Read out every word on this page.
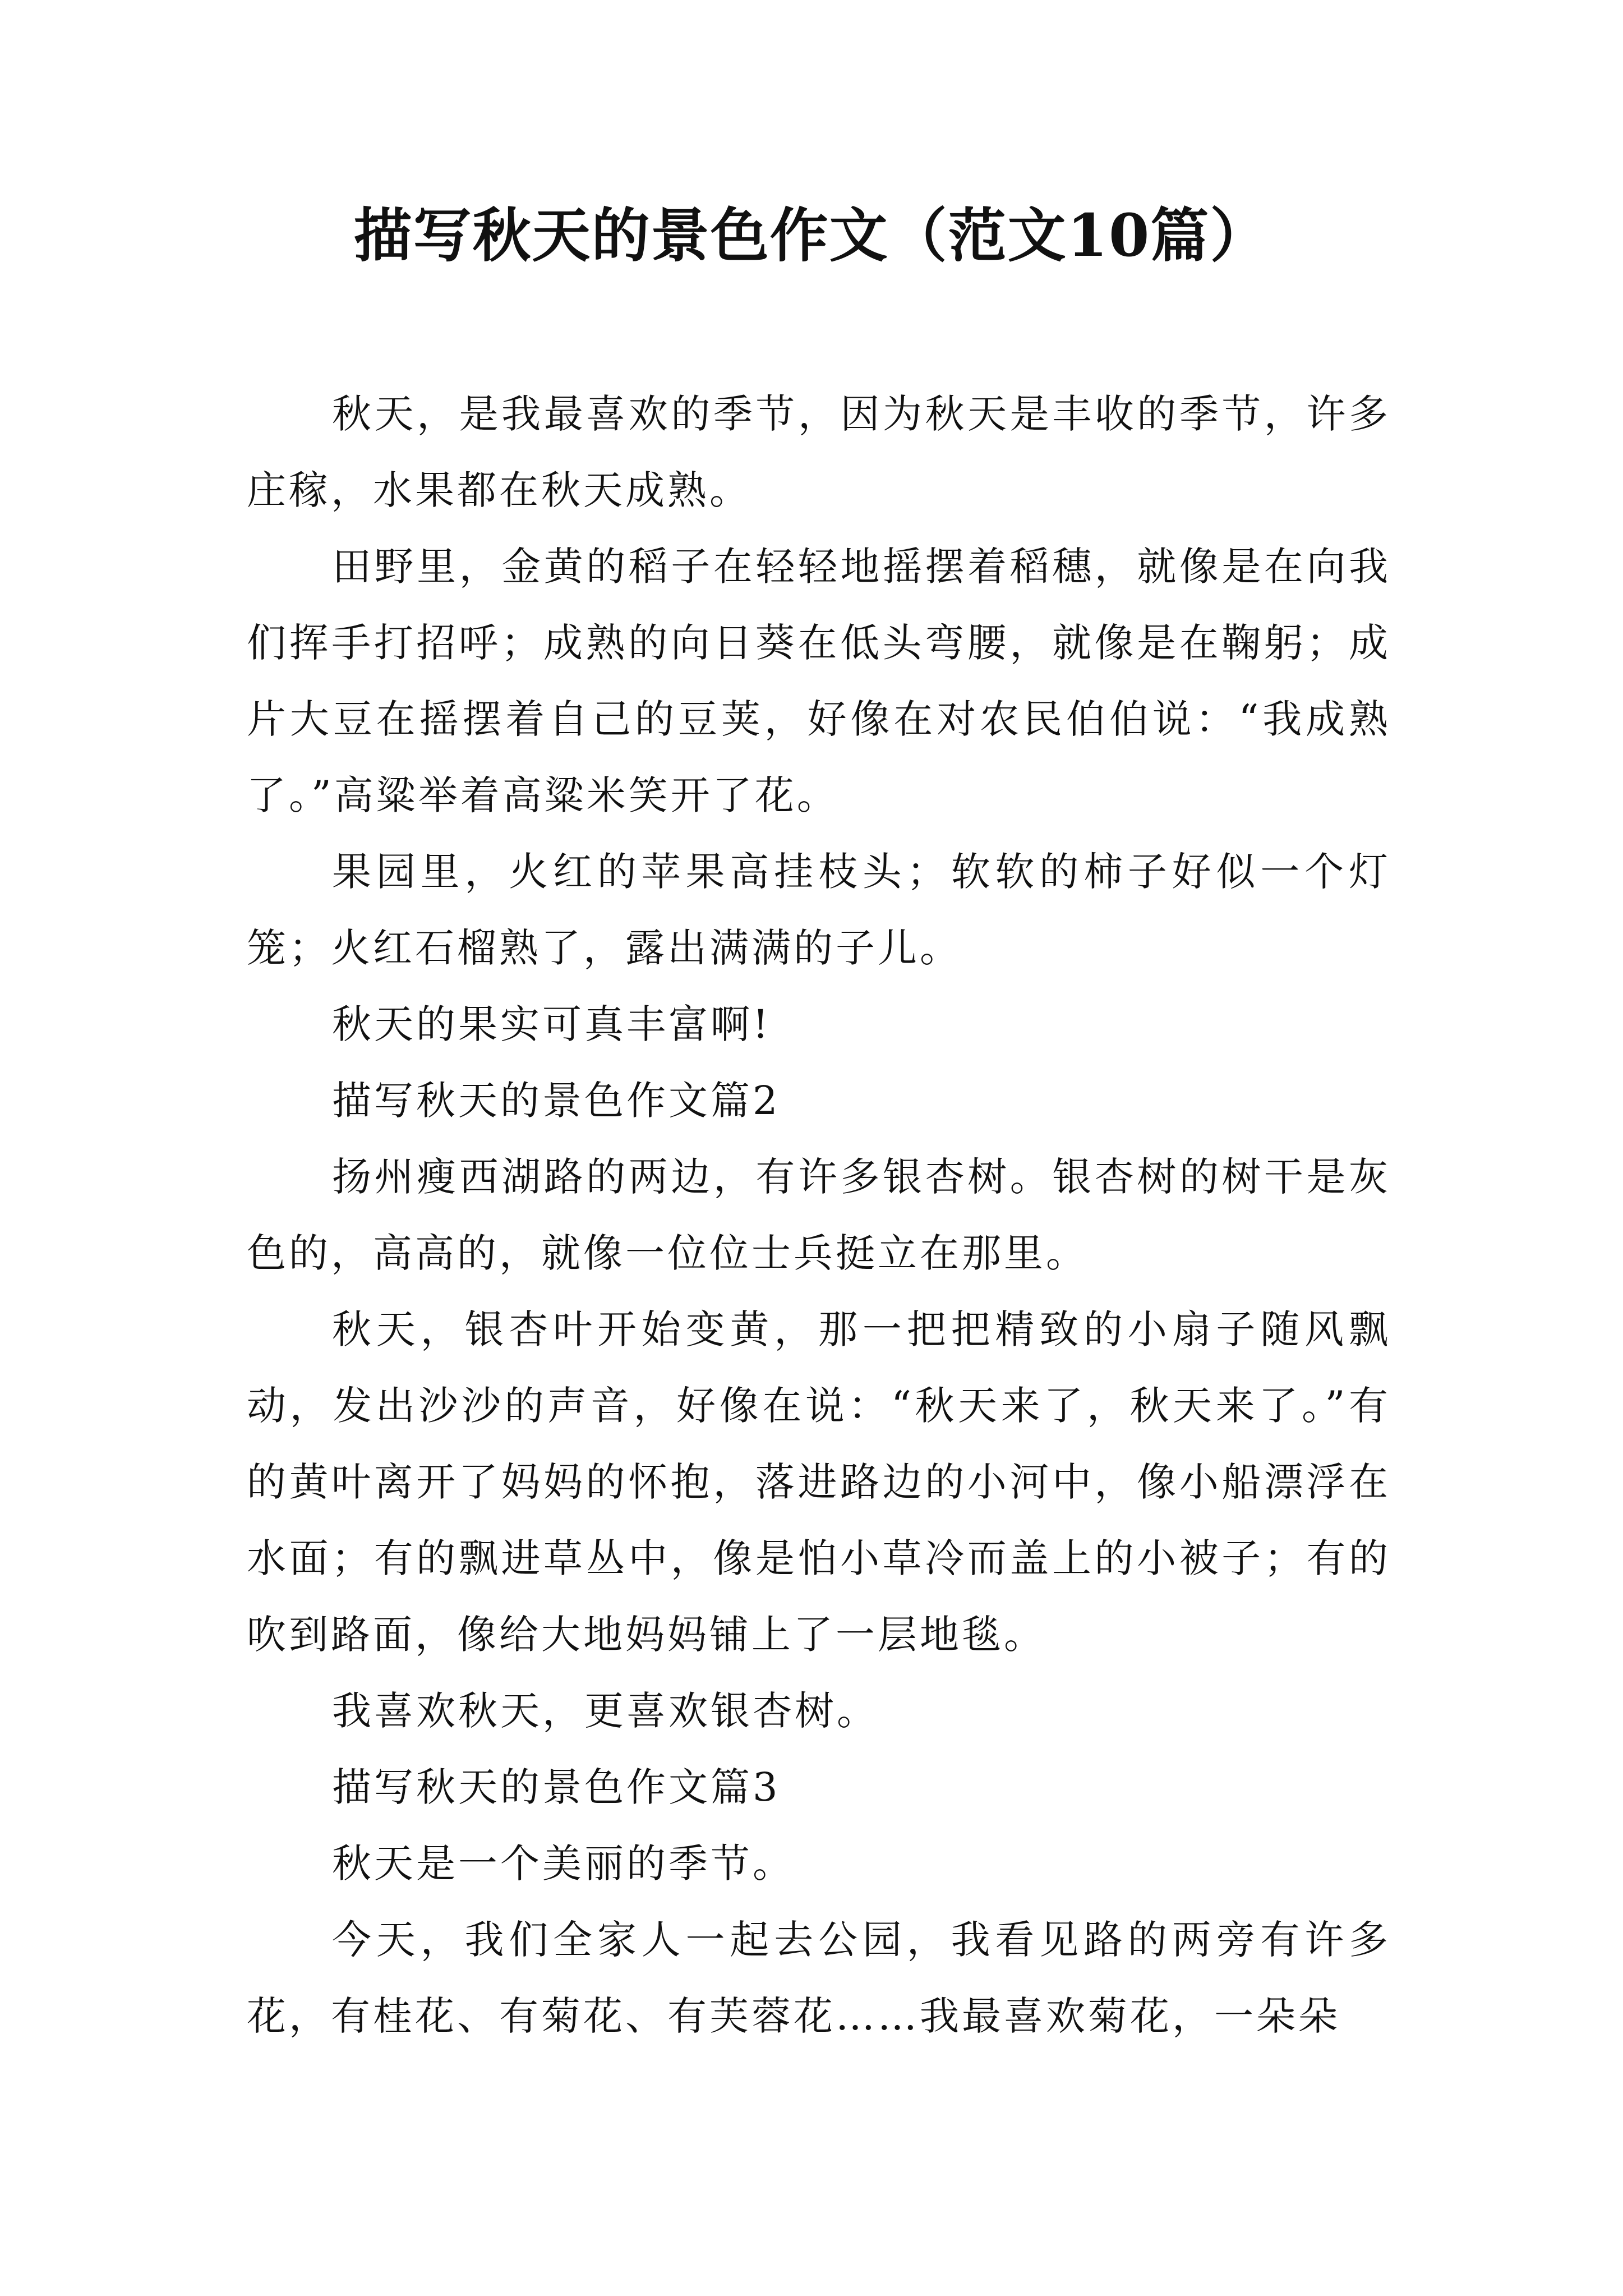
描写秋天的景色作文（范文10篇）

秋天，是我最喜欢的季节，因为秋天是丰收的季节，许多庄稼，水果都在秋天成熟。

田野里，金黄的稻子在轻轻地摇摆着稻穗，就像是在向我们挥手打招呼；成熟的向日葵在低头弯腰，就像是在鞠躬；成片大豆在摇摆着自己的豆荚，好像在对农民伯伯说：“我成熟了。”高粱举着高粱米笑开了花。

果园里，火红的苹果高挂枝头；软软的柿子好似一个灯笼；火红石榴熟了，露出满满的子儿。

秋天的果实可真丰富啊!

描写秋天的景色作文篇2

扬州瘦西湖路的两边，有许多银杏树。银杏树的树干是灰色的，高高的，就像一位位士兵挺立在那里。

秋天，银杏叶开始变黄，那一把把精致的小扇子随风飘动，发出沙沙的声音，好像在说：“秋天来了，秋天来了。”有的黄叶离开了妈妈的怀抱，落进路边的小河中，像小船漂浮在水面；有的飘进草丛中，像是怕小草冷而盖上的小被子；有的吹到路面，像给大地妈妈铺上了一层地毯。

我喜欢秋天，更喜欢银杏树。

描写秋天的景色作文篇3

秋天是一个美丽的季节。

今天，我们全家人一起去公园，我看见路的两旁有许多花，有桂花、有菊花、有芙蓉花……我最喜欢菊花，一朵朵
